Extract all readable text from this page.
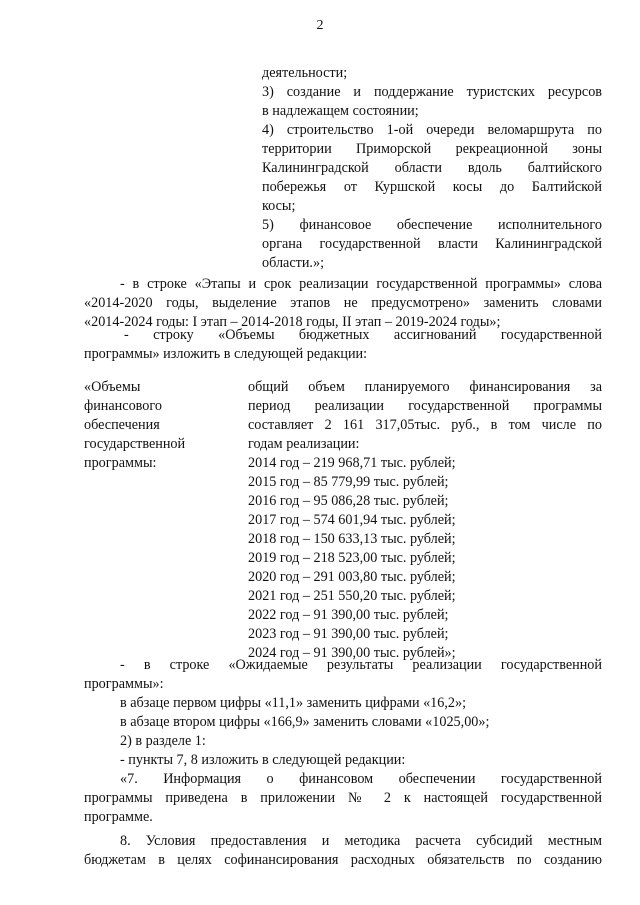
2
деятельности;
3) создание и поддержание туристских ресурсов
в надлежащем состоянии;
4) строительство 1-ой очереди веломаршрута по
территории Приморской рекреационной зоны
Калининградской области вдоль балтийского
побережья от Куршской косы до Балтийской
косы;
5) финансовое обеспечение исполнительного
органа государственной власти Калининградской
области.»;
- в строке «Этапы и срок реализации государственной программы» слова
«2014-2020 годы, выделение этапов не предусмотрено» заменить словами
«2014-2024 годы: I этап – 2014-2018 годы, II этап – 2019-2024 годы»;
- строку «Объемы бюджетных ассигнований государственной
программы» изложить в следующей редакции:
«Объемы
финансового
обеспечения
государственной
программы:
общий объем планируемого финансирования за
период реализации государственной программы
составляет 2 161 317,05тыс. руб., в том числе по
годам реализации:
2014 год – 219 968,71 тыс. рублей;
2015 год – 85 779,99 тыс. рублей;
2016 год – 95 086,28 тыс. рублей;
2017 год – 574 601,94 тыс. рублей;
2018 год – 150 633,13 тыс. рублей;
2019 год – 218 523,00 тыс. рублей;
2020 год – 291 003,80 тыс. рублей;
2021 год – 251 550,20 тыс. рублей;
2022 год – 91 390,00 тыс. рублей;
2023 год – 91 390,00 тыс. рублей;
2024 год – 91 390,00 тыс. рублей»;
- в строке «Ожидаемые результаты реализации государственной
программы»:
в абзаце первом цифры «11,1» заменить цифрами «16,2»;
в абзаце втором цифры «166,9» заменить словами «1025,00»;
2) в разделе 1:
- пункты 7, 8 изложить в следующей редакции:
«7. Информация о финансовом обеспечении государственной
программы приведена в приложении № 2 к настоящей государственной
программе.
8. Условия предоставления и методика расчета субсидий местным
бюджетам в целях софинансирования расходных обязательств по созданию
